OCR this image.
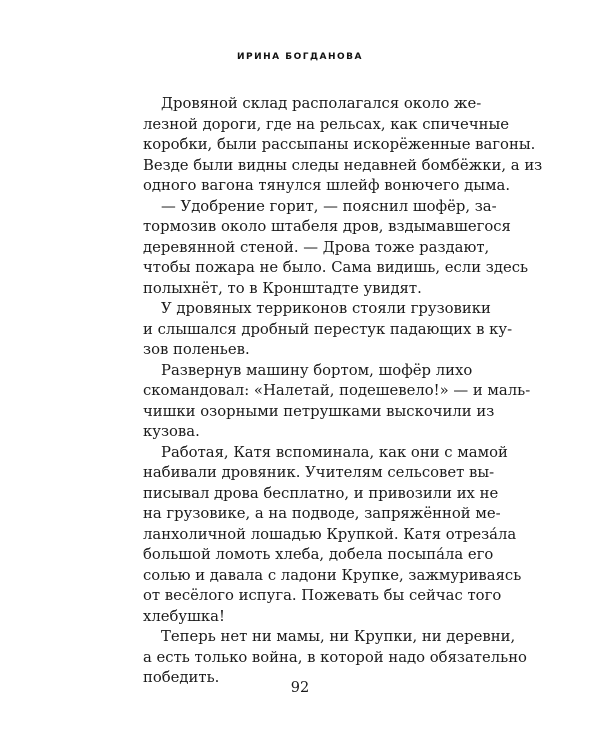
ИРИНА БОГДАНОВА
Дровяной склад располагался около же-
лезной дороги, где на рельсах, как спичечные
коробки, были рассыпаны искорёженные вагоны.
Везде были видны следы недавней бомбёжки, а из
одного вагона тянулся шлейф вонючего дыма.
— Удобрение горит, — пояснил шофёр, за-
тормозив около штабеля дров, вздымавшегося
деревянной стеной. — Дрова тоже раздают,
чтобы пожара не было. Сама видишь, если здесь
полыхнёт, то в Кронштадте увидят.
У дровяных терриконов стояли грузовики
и слышался дробный перестук падающих в ку-
зов поленьев.
Развернув машину бортом, шофёр лихо
скомандовал: «Налетай, подешевело!» — и маль-
чишки озорными петрушками выскочили из
кузова.
Работая, Катя вспоминала, как они с мамой
набивали дровяник. Учителям сельсовет вы-
писывал дрова бесплатно, и привозили их не
на грузовике, а на подводе, запряжённой ме-
ланхоличной лошадью Крупкой. Катя отреза́ла
большой ломоть хлеба, добела посыпа́ла его
солью и давала с ладони Крупке, зажмуриваясь
от весёлого испуга. Пожевать бы сейчас того
хлебушка!
Теперь нет ни мамы, ни Крупки, ни деревни,
а есть только война, в которой надо обязательно
победить.
92
